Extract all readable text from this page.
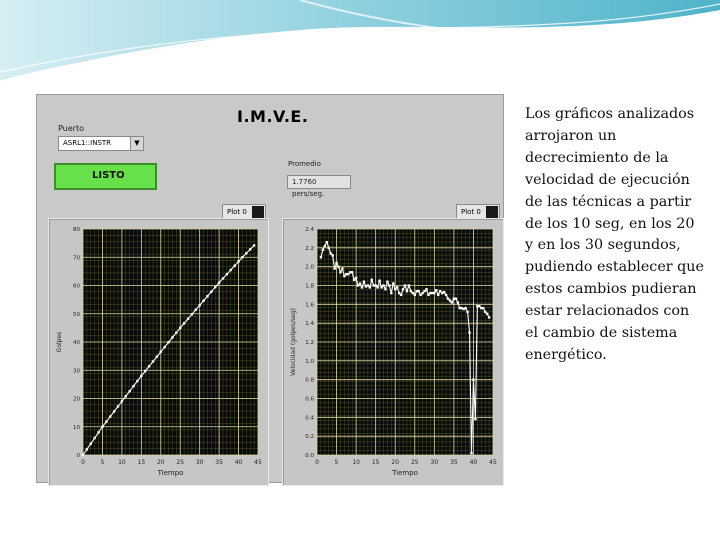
I.M.V.E.
Puerto
ASRL1::INSTR	▼
LISTO
Promedio
1.7760 pers/seg.
Plot 0	Plot 0
0	5 10 15 20 25 30 35 40 45
0
10
20
30
40
50
60
70
80
Tiempo
Golpes
0	5 10 15 20 25 30 35 40 45
0.0
0.2
0.4
0.6
0.8
1.0
1.2
1.4
1.6
1.8
2.0
2.2
2.4
Tiempo
Velocidad (golpes/seg)
Los gráficos analizados arrojaron un decrecimiento de la velocidad de ejecución de las técnicas a partir de los 10 seg, en los 20 y en los 30 segundos, pudiendo establecer que estos cambios pudieran estar relacionados con el cambio de sistema energético.
